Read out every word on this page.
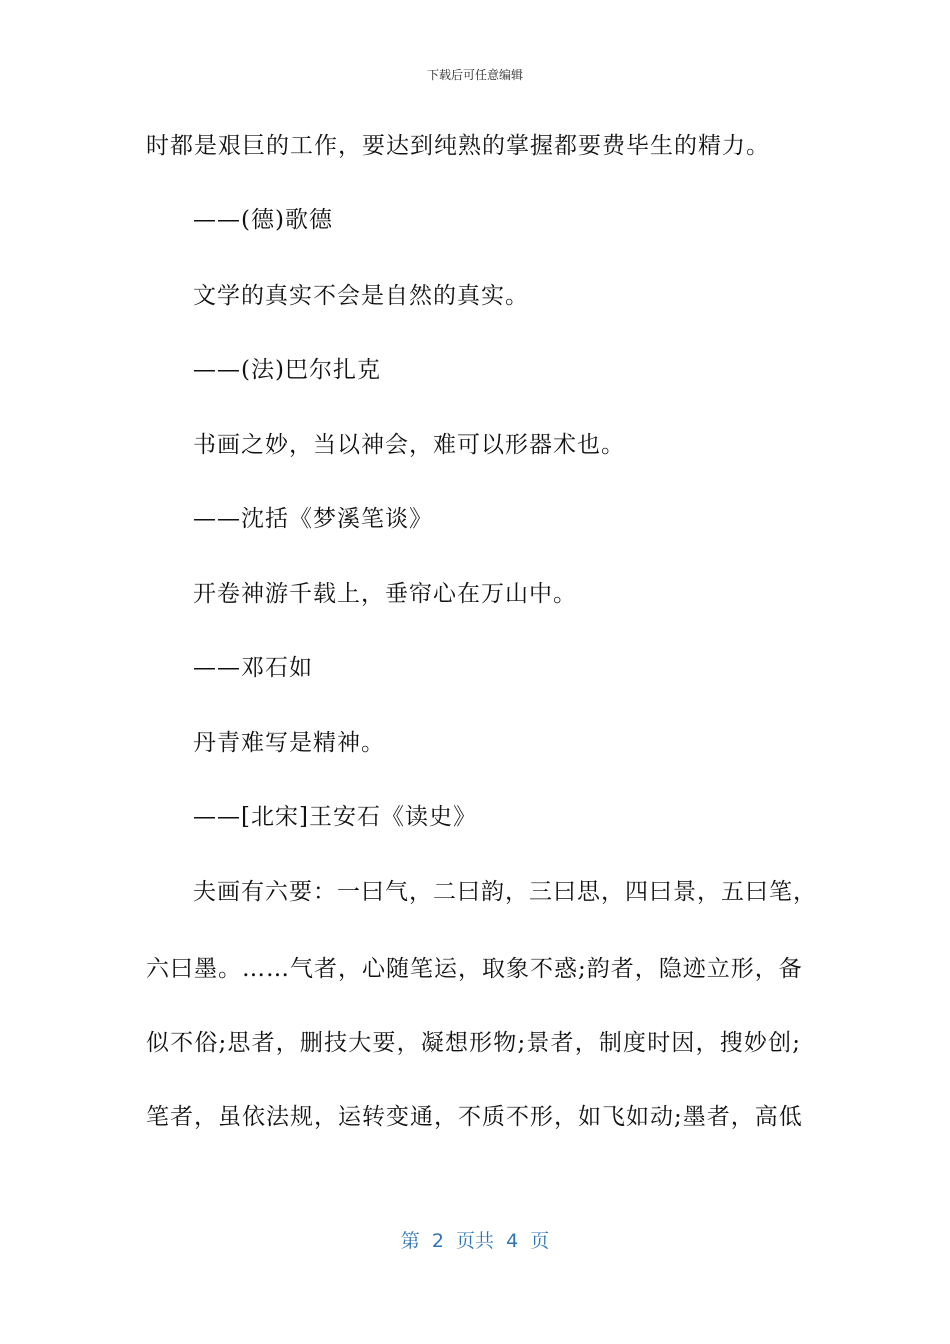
下载后可任意编辑
时都是艰巨的工作，要达到纯熟的掌握都要费毕生的精力。
——(德)歌德
文学的真实不会是自然的真实。
——(法)巴尔扎克
书画之妙，当以神会，难可以形器术也。
——沈括《梦溪笔谈》
开卷神游千载上，垂帘心在万山中。
——邓石如
丹青难写是精神。
——[北宋]王安石《读史》
夫画有六要：一曰气，二曰韵，三曰思，四曰景，五曰笔，
六曰墨。……气者，心随笔运，取象不惑;韵者，隐迹立形，备
似不俗;思者，删技大要，凝想形物;景者，制度时因，搜妙创;
笔者，虽依法规，运转变通，不质不形，如飞如动;墨者，高低
第  2  页共  4  页
